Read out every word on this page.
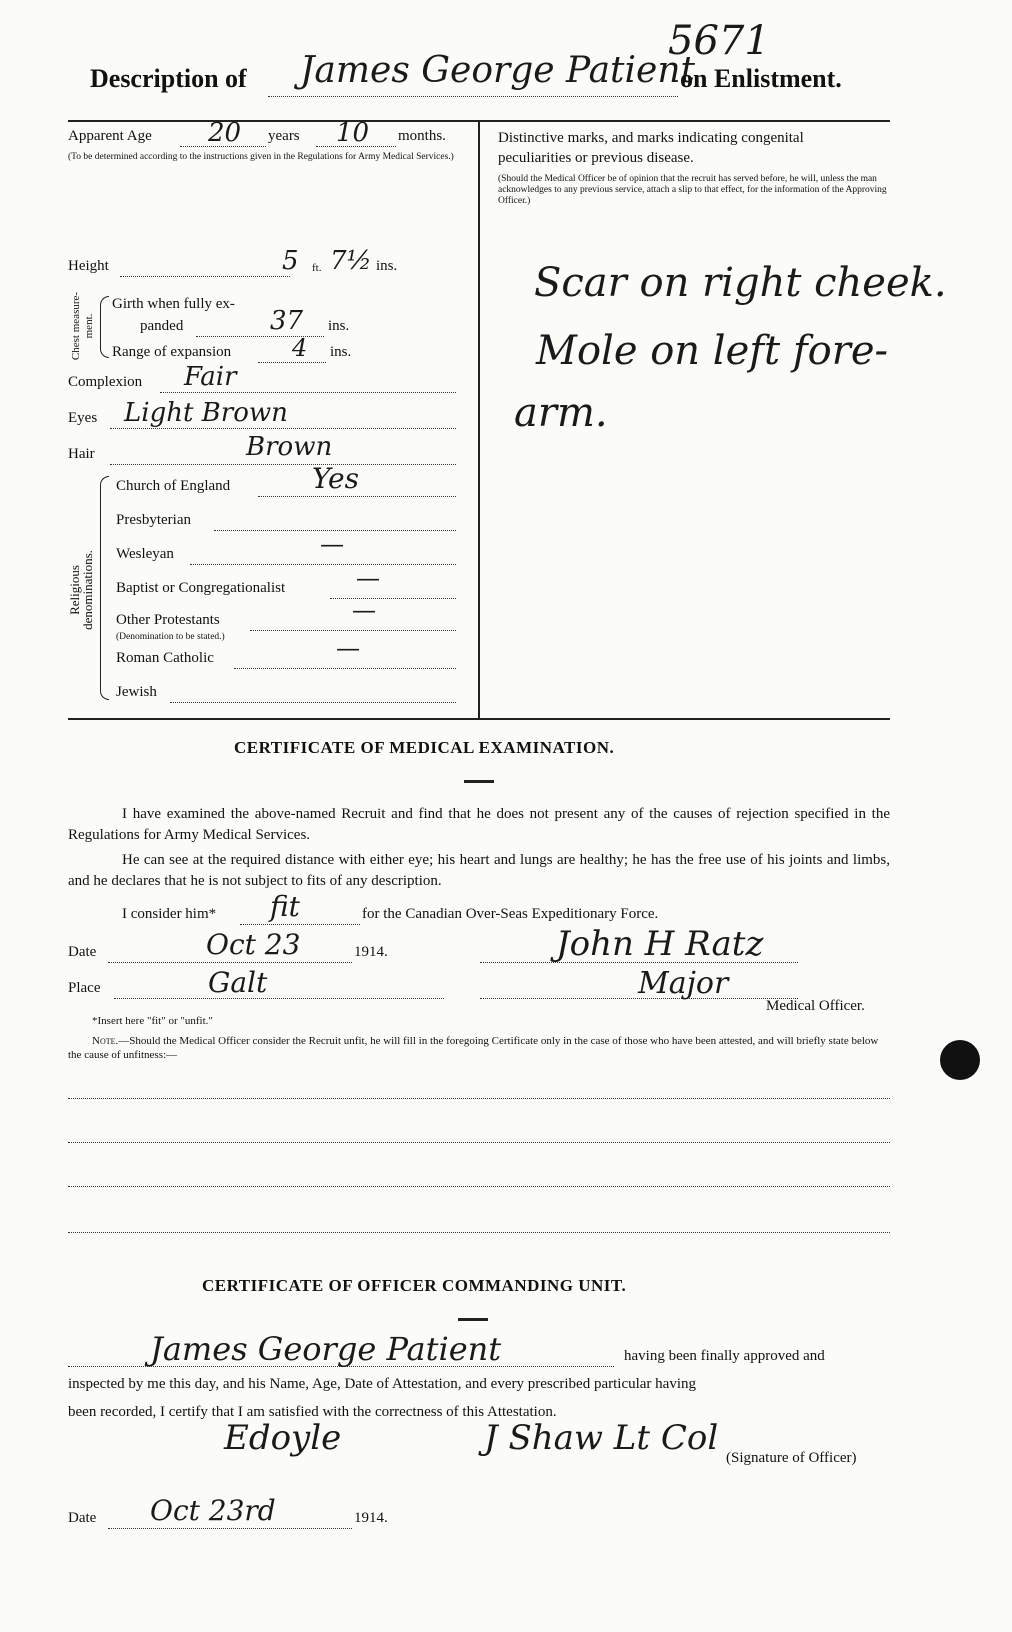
5671
Description of James George Patient
on Enlistment.
Apparent Age 20 years 10 months.
(To be determined according to the instructions given in the Regulations for Army Medical Services.)
Height	5 ft. 7½ ins.
Chest measure-ment.
Girth when fully ex-
panded	37 ins.
Range of expansion	4 ins.
Complexion Fair
Eyes Light Brown
Hair	Brown
Religious denominations.
Church of England	Yes
Presbyterian
Wesleyan	—
Baptist or Congregationalist	—
Other Protestants	—
(Denomination to be stated.)
Roman Catholic	—
Jewish
Distinctive marks, and marks indicating congenital
peculiarities or previous disease.
(Should the Medical Officer be of opinion that the recruit has served before, he will, unless the man acknowledges to any previous service, attach a slip to that effect, for the information of the Approving Officer.)
Scar on right cheek.
Mole on left fore-
arm.
CERTIFICATE OF MEDICAL EXAMINATION.
I have examined the above-named Recruit and find that he does not present any of the causes of rejection specified in the Regulations for Army Medical Services.
He can see at the required distance with either eye; his heart and lungs are healthy; he has the free use of his joints and limbs, and he declares that he is not subject to fits of any description.
I consider him* fit	for the Canadian Over-Seas Expeditionary Force.
Date	Oct 23	1914.	John H Ratz
Place	Galt	Major
Medical Officer.
*Insert here "fit" or "unfit."
Note.—Should the Medical Officer consider the Recruit unfit, he will fill in the foregoing Certificate only in the case of those who have been attested, and will briefly state below the cause of unfitness:—
CERTIFICATE OF OFFICER COMMANDING UNIT.
James George Patient	having been finally approved and
inspected by me this day, and his Name, Age, Date of Attestation, and every prescribed particular having
been recorded, I certify that I am satisfied with the correctness of this Attestation.
Edoyle	J Shaw Lt Col (Signature of Officer)
Date Oct 23rd	1914.
